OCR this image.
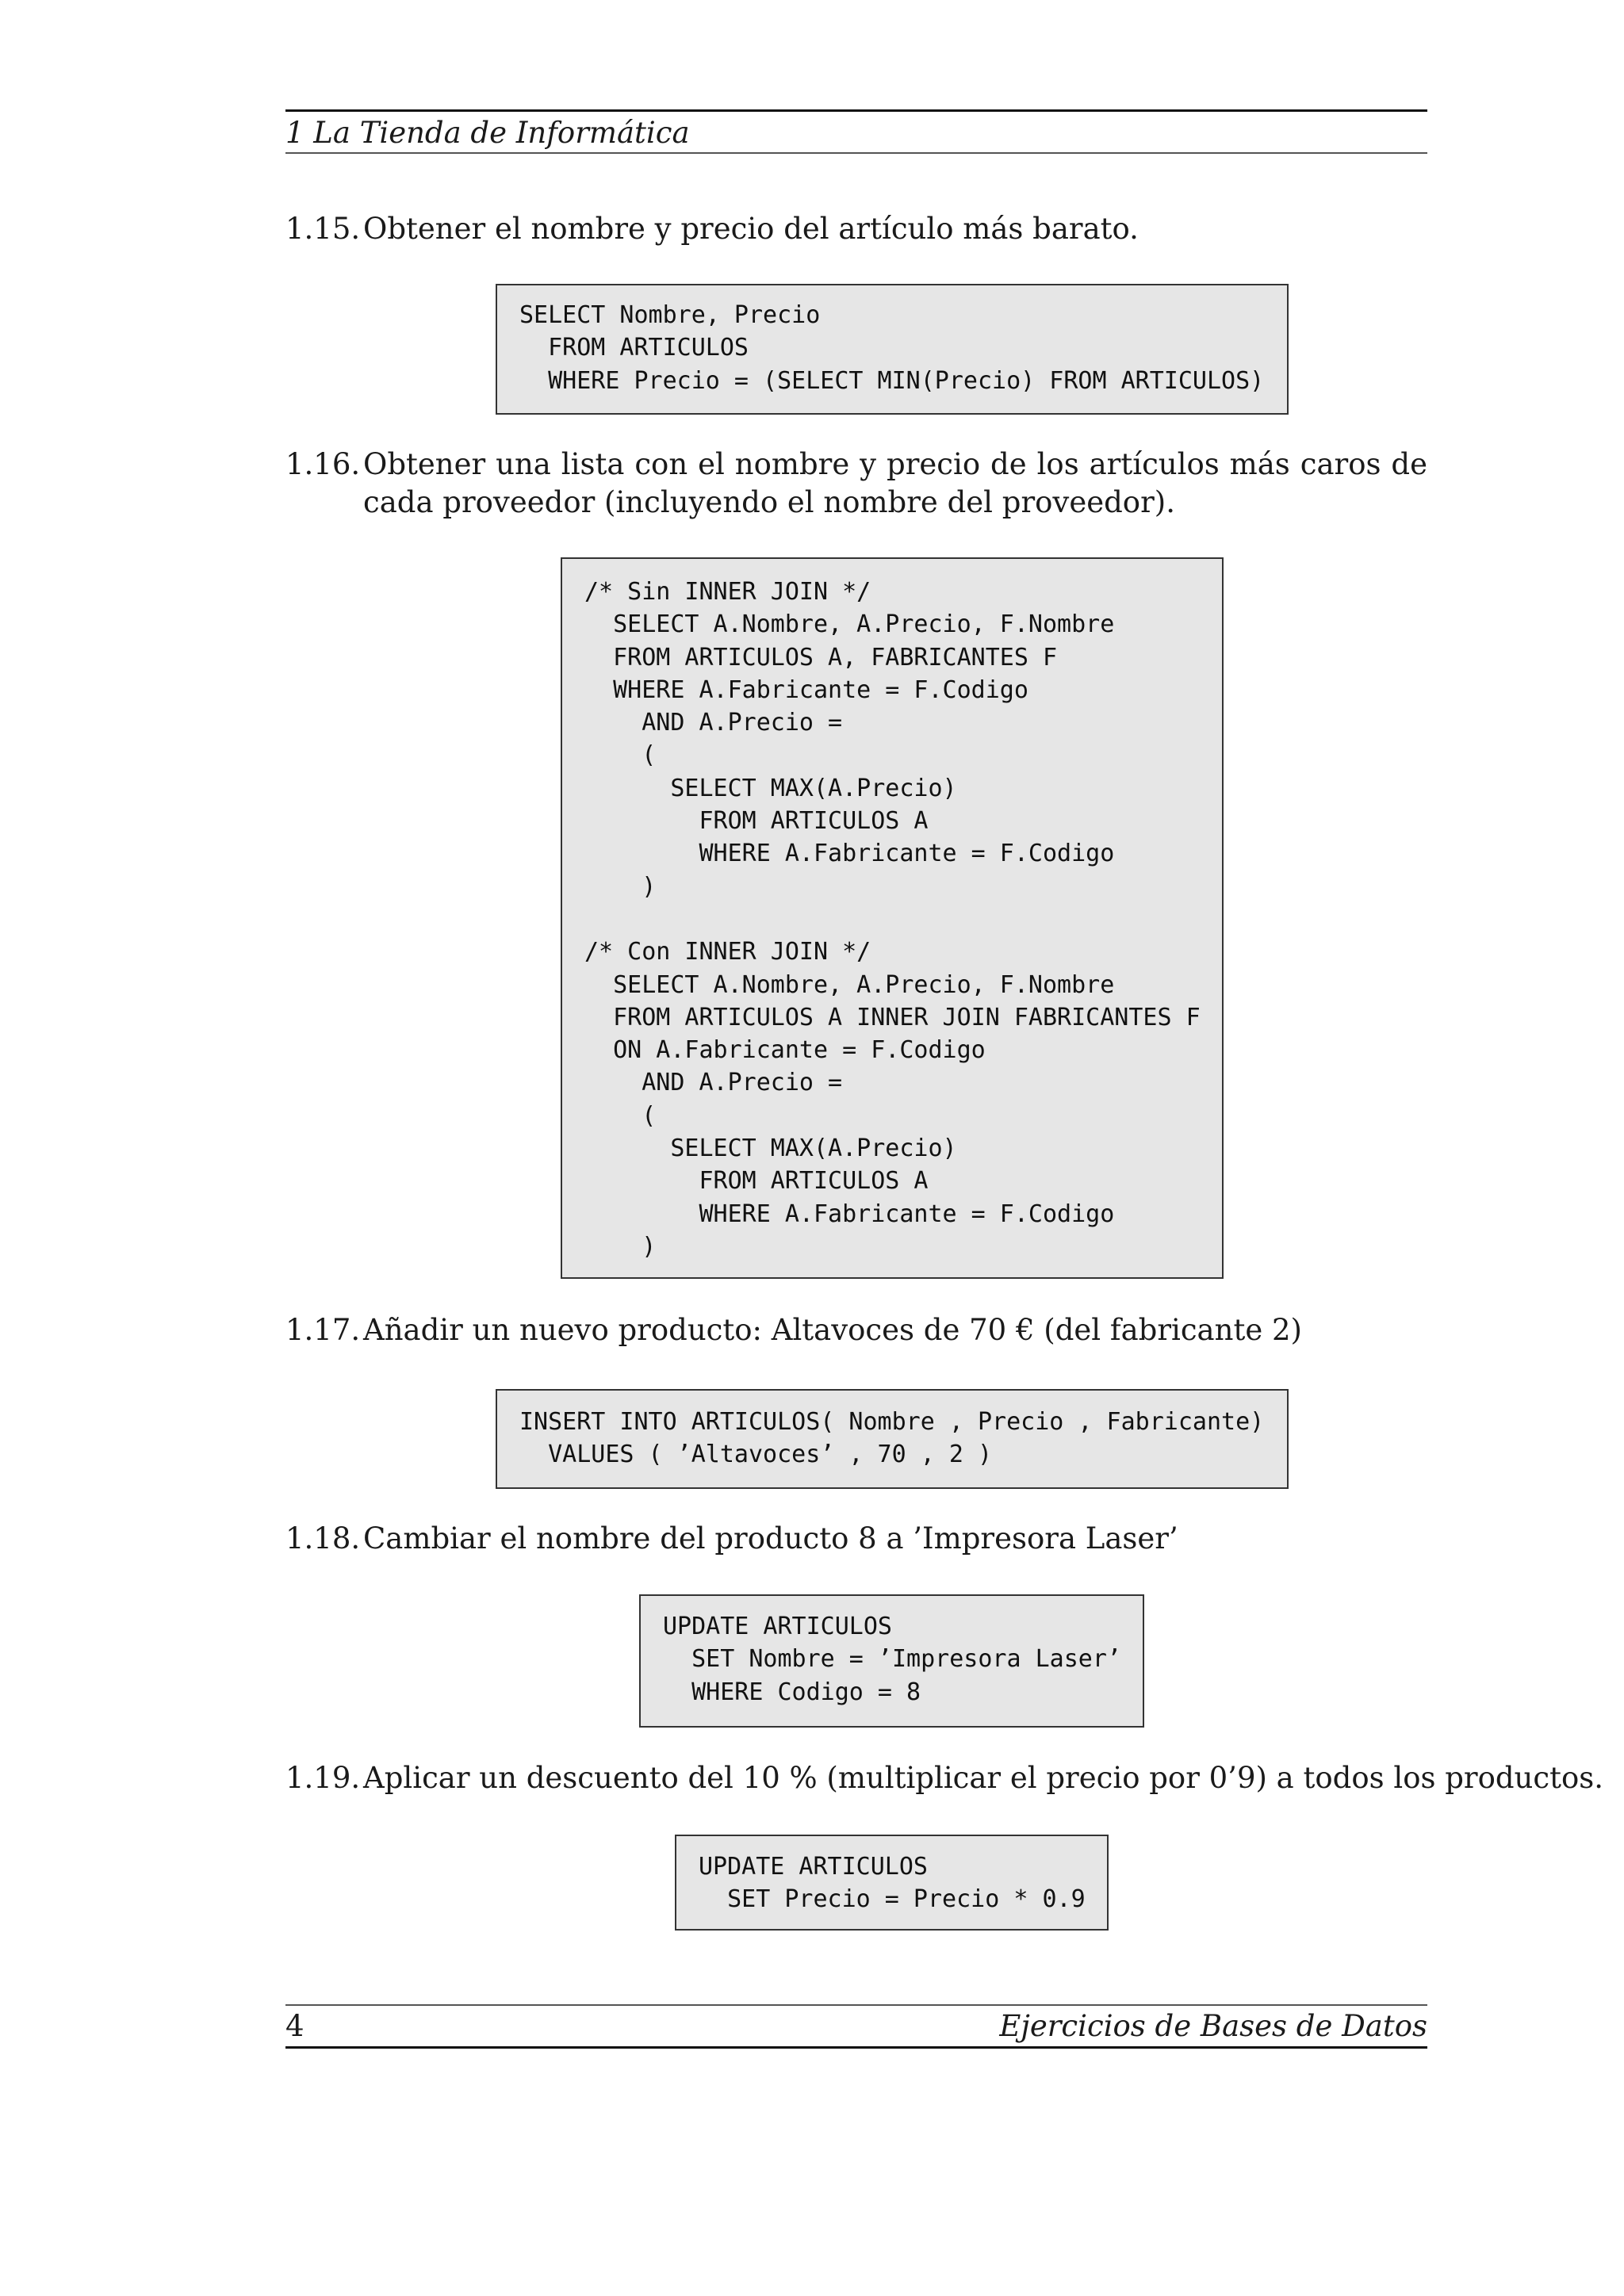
1 La Tienda de Informática
1.15. Obtener el nombre y precio del artículo más barato.
SELECT Nombre, Precio
FROM ARTICULOS
WHERE Precio = (SELECT MIN(Precio) FROM ARTICULOS)
1.16. Obtener una lista con el nombre y precio de los artículos más caros de cada proveedor (incluyendo el nombre del proveedor).
/* Sin INNER JOIN */
SELECT A.Nombre, A.Precio, F.Nombre
FROM ARTICULOS A, FABRICANTES F
WHERE A.Fabricante = F.Codigo
AND A.Precio =
(
SELECT MAX(A.Precio)
FROM ARTICULOS A
WHERE A.Fabricante = F.Codigo
)

/* Con INNER JOIN */
SELECT A.Nombre, A.Precio, F.Nombre
FROM ARTICULOS A INNER JOIN FABRICANTES F
ON A.Fabricante = F.Codigo
AND A.Precio =
(
SELECT MAX(A.Precio)
FROM ARTICULOS A
WHERE A.Fabricante = F.Codigo
)
1.17. Añadir un nuevo producto: Altavoces de 70 € (del fabricante 2)
INSERT INTO ARTICULOS( Nombre , Precio , Fabricante)
VALUES ( ’Altavoces’ , 70 , 2 )
1.18. Cambiar el nombre del producto 8 a ’Impresora Laser’
UPDATE ARTICULOS
SET Nombre = ’Impresora Laser’
WHERE Codigo = 8
1.19. Aplicar un descuento del 10 % (multiplicar el precio por 0’9) a todos los productos.
UPDATE ARTICULOS
SET Precio = Precio * 0.9
4	Ejercicios de Bases de Datos
